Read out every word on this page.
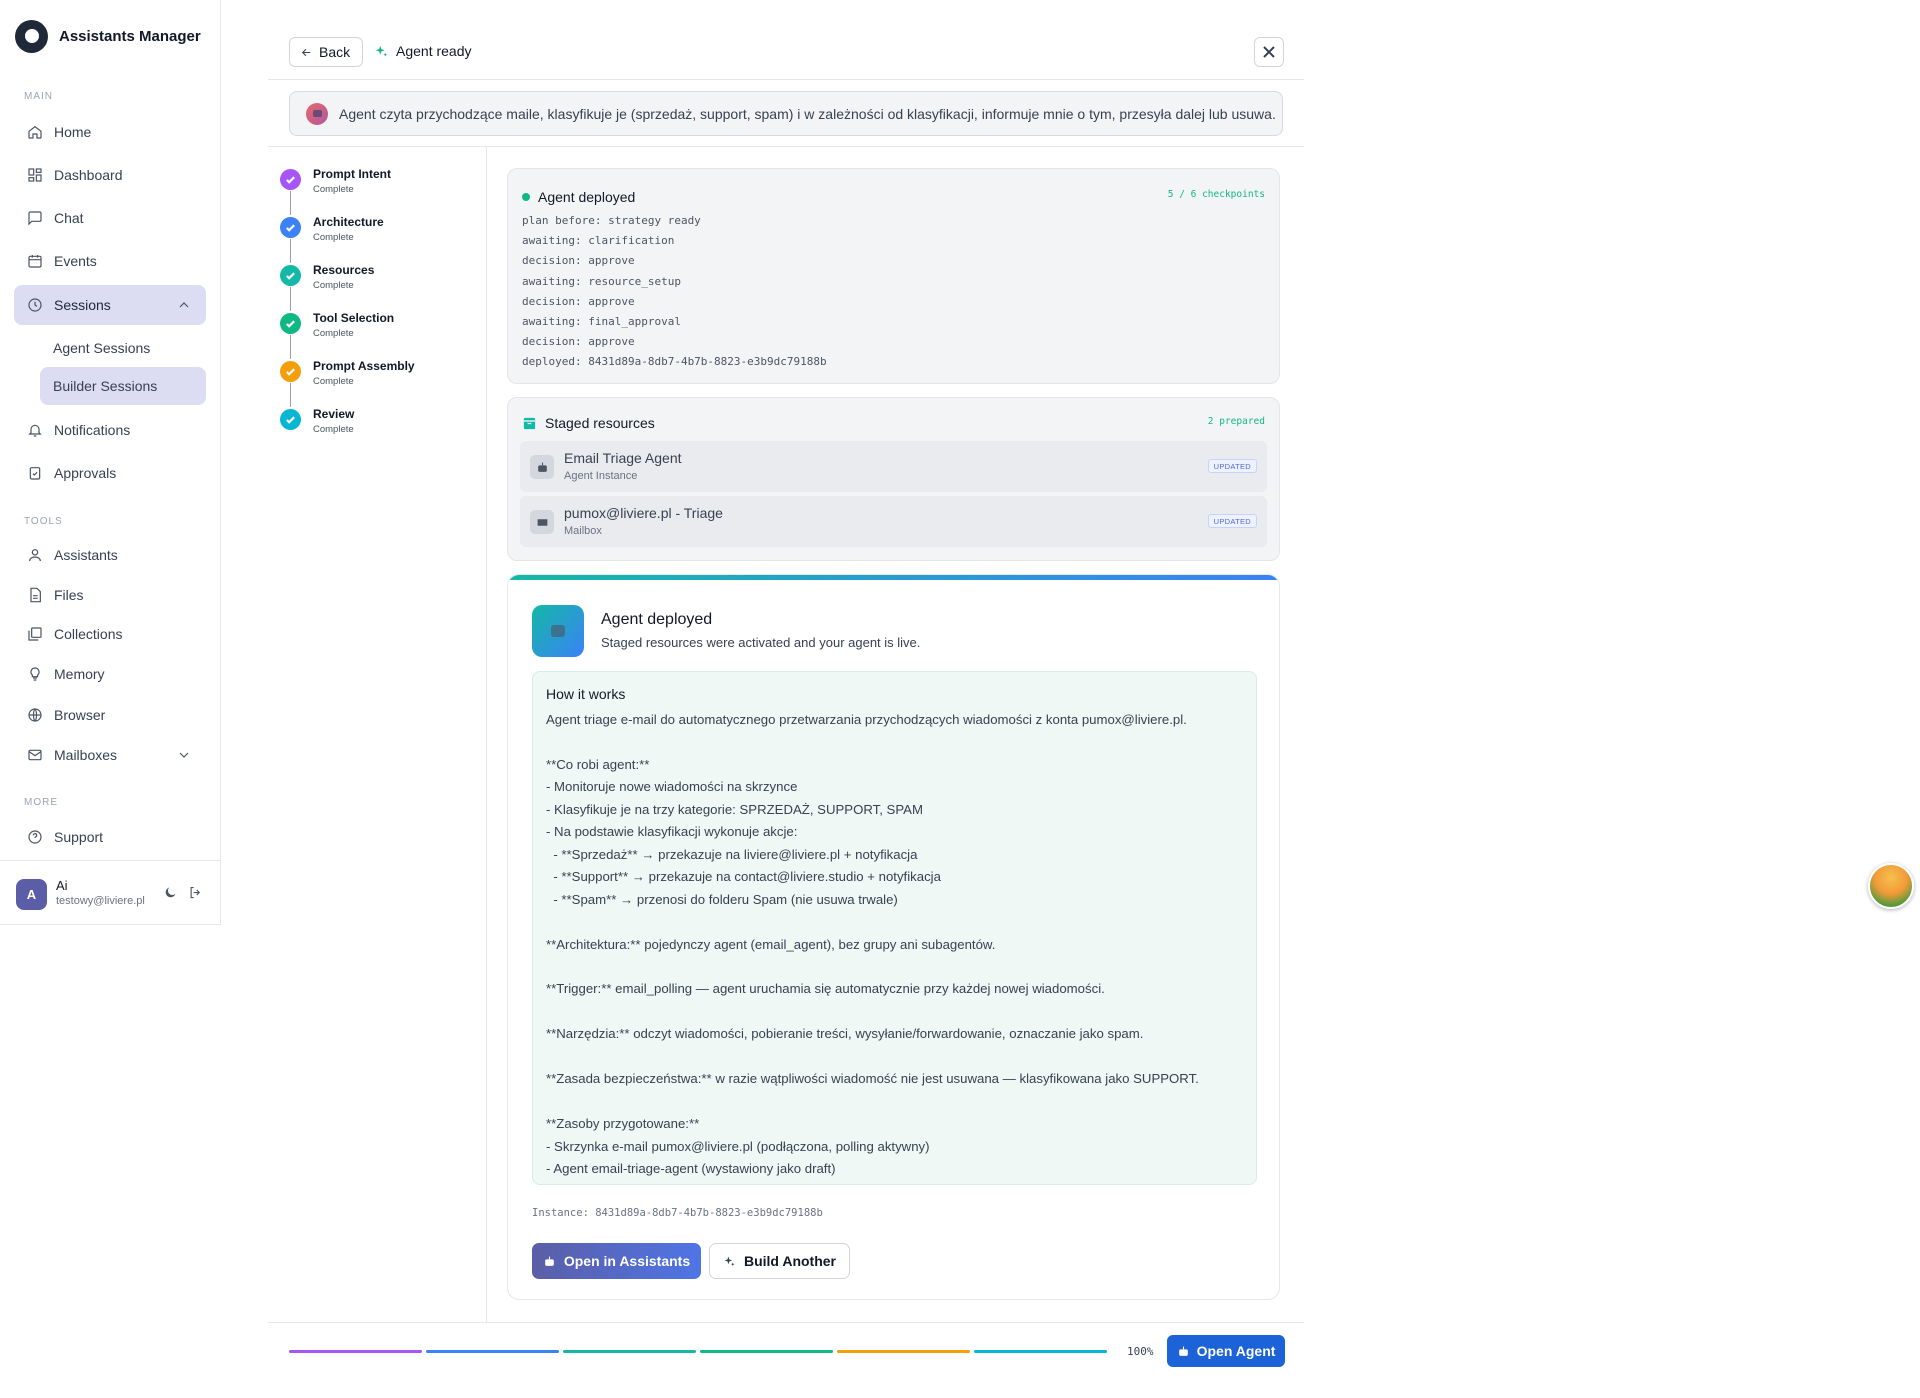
Assistants Manager
MAIN
Home
Dashboard
Chat
Events
Sessions
Agent Sessions
Builder Sessions
Notifications
Approvals
TOOLS
Assistants
Files
Collections
Memory
Browser
Mailboxes
MORE
Support
A
Ai
testowy@liviere.pl
Back	Agent ready
Agent czyta przychodzące maile, klasyfikuje je (sprzedaż, support, spam) i w zależności od klasyfikacji, informuje mnie o tym, przesyła dalej lub usuwa.
Prompt Intent
Complete
Architecture
Complete
Resources
Complete
Tool Selection
Complete
Prompt Assembly
Complete
Review
Complete
Agent deployed	5 / 6 checkpoints
plan before: strategy ready
awaiting: clarification
decision: approve
awaiting: resource_setup
decision: approve
awaiting: final_approval
decision: approve
deployed: 8431d89a-8db7-4b7b-8823-e3b9dc79188b
Staged resources	2 prepared
Email Triage Agent
Agent Instance
UPDATED
pumox@liviere.pl - Triage
Mailbox
UPDATED
Agent deployed
Staged resources were activated and your agent is live.
How it works
Agent triage e-mail do automatycznego przetwarzania przychodzących wiadomości z konta pumox@liviere.pl.

**Co robi agent:**
- Monitoruje nowe wiadomości na skrzynce
- Klasyfikuje je na trzy kategorie: SPRZEDAŻ, SUPPORT, SPAM
- Na podstawie klasyfikacji wykonuje akcje:
- **Sprzedaż** → przekazuje na liviere@liviere.pl + notyfikacja
- **Support** → przekazuje na contact@liviere.studio + notyfikacja
- **Spam** → przenosi do folderu Spam (nie usuwa trwale)

**Architektura:** pojedynczy agent (email_agent), bez grupy ani subagentów.

**Trigger:** email_polling — agent uruchamia się automatycznie przy każdej nowej wiadomości.

**Narzędzia:** odczyt wiadomości, pobieranie treści, wysyłanie/forwardowanie, oznaczanie jako spam.

**Zasada bezpieczeństwa:** w razie wątpliwości wiadomość nie jest usuwana — klasyfikowana jako SUPPORT.

**Zasoby przygotowane:**
- Skrzynka e-mail pumox@liviere.pl (podłączona, polling aktywny)
- Agent email-triage-agent (wystawiony jako draft)
Instance: 8431d89a-8db7-4b7b-8823-e3b9dc79188b
Open in Assistants	Build Another
100%	Open Agent
